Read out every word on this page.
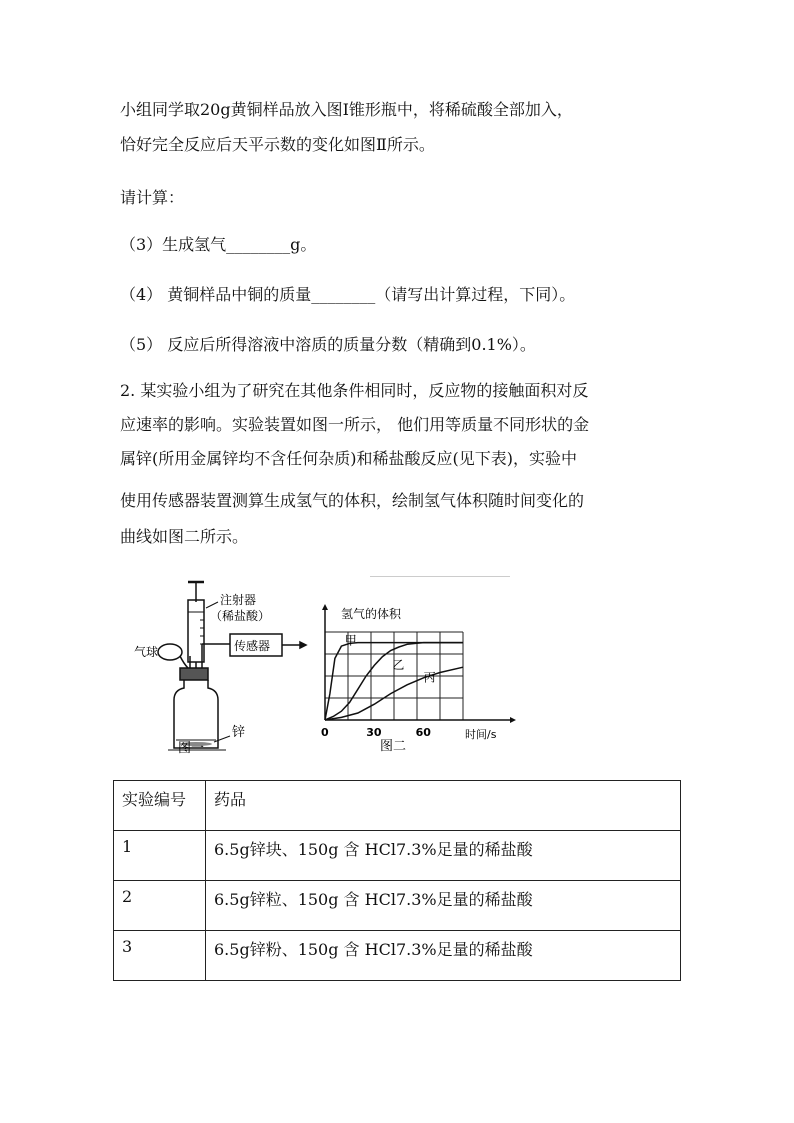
小组同学取20g黄铜样品放入图Ⅰ锥形瓶中，将稀硫酸全部加入，
恰好完全反应后天平示数的变化如图Ⅱ所示。
请计算：
（3）生成氢气________g。
（4） 黄铜样品中铜的质量________（请写出计算过程，下同）。
（5） 反应后所得溶液中溶质的质量分数（精确到0.1%）。
2. 某实验小组为了研究在其他条件相同时，反应物的接触面积对反
应速率的影响。实验装置如图一所示， 他们用等质量不同形状的金
属锌(所用金属锌均不含任何杂质)和稀盐酸反应(见下表)，实验中
使用传感器装置测算生成氢气的体积，绘制氢气体积随时间变化的
曲线如图二所示。
注射器
（稀盐酸）
传感器
气球
锌
图一
氢气的体积
时间/s
0	30	60
甲
乙
丙
图二
实验编号	药品
1	6.5g锌块、150g 含 HCl7.3%足量的稀盐酸
2	6.5g锌粒、150g 含 HCl7.3%足量的稀盐酸
3	6.5g锌粉、150g 含 HCl7.3%足量的稀盐酸
